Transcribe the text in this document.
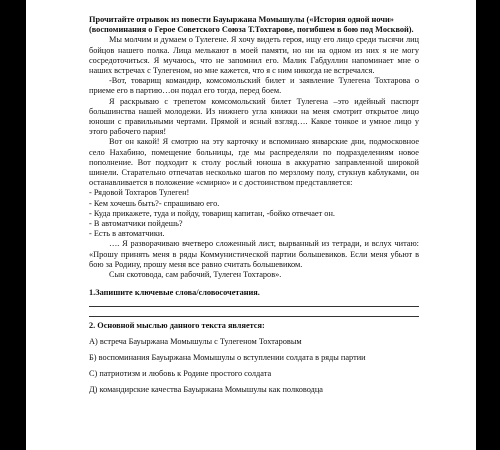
Прочитайте отрывок из повести Бауыржана Момышулы («История одной ночи» (воспоминания о Герое Советского Союза Т.Тохтарове, погибшем в бою под Москвой).

Мы молчим и думаем о Тулегене. Я хочу видеть героя, ищу его лицо среди тысячи лиц бойцов нашего полка. Лица мелькают в моей памяти, но ни на одном из них я не могу сосредоточиться. Я мучаюсь, что не запомнил его. Малик Габдуллин напоминает мне о наших встречах с Тулегеном, но мне кажется, что я с ним никогда не встречался.

-Вот, товарищ командир, комсомольский билет и заявление Тулегена Тохтарова о приеме его в партию…он подал его тогда, перед боем.

Я раскрываю с трепетом комсомольский билет Тулегена –это идейный паспорт большинства нашей молодежи. Из нижнего угла книжки на меня смотрит открытое лицо юноши с правильными чертами. Прямой и ясный взгляд…. Какое тонкое и умное лицо у этого рабочего парня!

Вот он какой! Я смотрю на эту карточку и вспоминаю январские дни, подмосковное село Нахабино, помещение больницы, где мы распределяли по подразделениям новое пополнение. Вот подходит к столу рослый юноша в аккуратно заправленной широкой шинели. Старательно отпечатав несколько шагов по мерзлому полу, стукнув каблуками, он останавливается в положение «смирно» и с достоинством представляется:

- Рядовой Тохтаров Тулеген!

- Кем хочешь быть?- спрашиваю его.

- Куда прикажете, туда и пойду, товарищ капитан, -бойко отвечает он.

- В автоматчики пойдешь?

- Есть в автоматчики.

…. Я разворачиваю вчетверо сложенный лист, вырванный из тетради, и вслух читаю: «Прошу принять меня в ряды Коммунистической партии большевиков. Если меня убьют в бою за Родину, прошу меня все равно считать большевиком.

Сын скотовода, сам рабочий, Тулеген Тохтаров».

1.Запишите ключевые слова/словосочетания.

2. Основной мыслью данного текста является:

А) встреча Бауыржана Момышулы с Тулегеном Тохтаровым

Б) воспоминания Бауыржана Момышулы о вступлении солдата в ряды партии

С) патриотизм и любовь к Родине простого солдата

Д) командирские качества Бауыржана Момышулы как полководца
